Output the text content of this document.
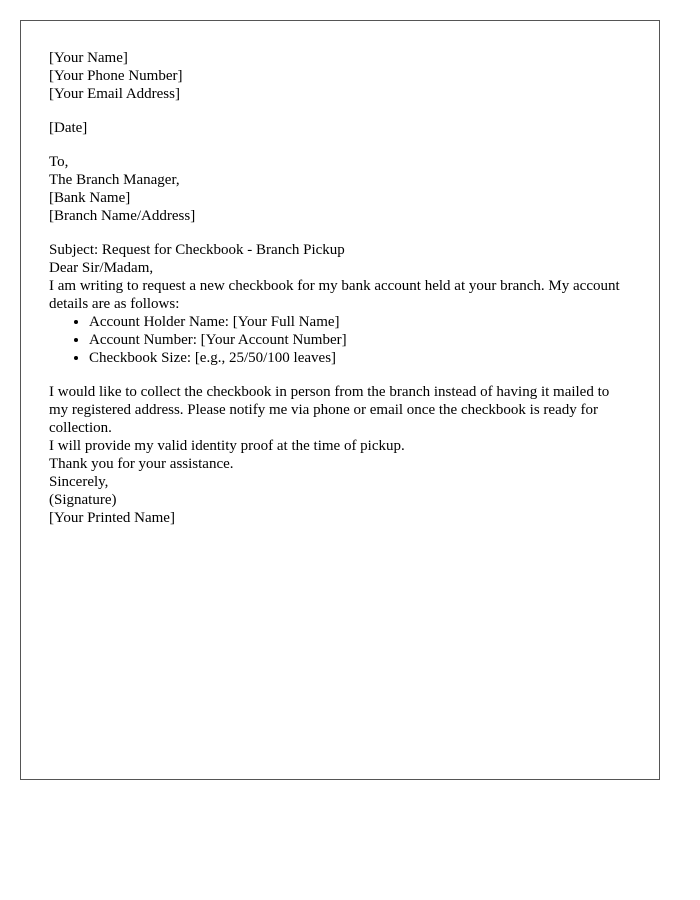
[Your Name]
[Your Phone Number]
[Your Email Address]
[Date]
To,
The Branch Manager,
[Bank Name]
[Branch Name/Address]

Subject: Request for Checkbook - Branch Pickup

Dear Sir/Madam,

I am writing to request a new checkbook for my bank account held at your branch. My account details are as follows:

• Account Holder Name: [Your Full Name]
• Account Number: [Your Account Number]
• Checkbook Size: [e.g., 25/50/100 leaves]

I would like to collect the checkbook in person from the branch instead of having it mailed to my registered address. Please notify me via phone or email once the checkbook is ready for collection.

I will provide my valid identity proof at the time of pickup.

Thank you for your assistance.

Sincerely,

(Signature)
[Your Printed Name]
